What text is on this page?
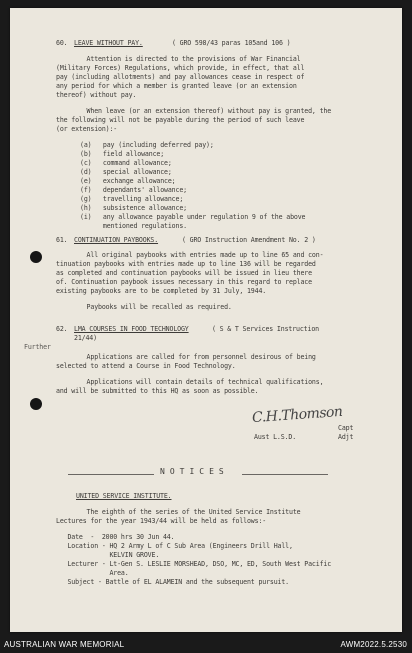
60. LEAVE WITHOUT PAY.	( GRO 598/43 paras 105and 106 )
Attention is directed to the provisions of War Financial
(Military Forces) Regulations, which provide, in effect, that all
pay (including allotments) and pay allowances cease in respect of
any period for which a member is granted leave (or an extension
thereof) without pay.
When leave (or an extension thereof) without pay is granted, the
the following will not be payable during the period of such leave
(or extension):-
(a)   pay (including deferred pay);
(b)   field allowance;
(c)   command allowance;
(d)   special allowance;
(e)   exchange allowance;
(f)   dependants' allowance;
(g)   travelling allowance;
(h)   subsistence allowance;
(i)   any allowance payable under regulation 9 of the above
mentioned regulations.
61. CONTINUATION PAYBOOKS.	( GRO Instruction Amendment No. 2 )
All original paybooks with entries made up to line 65 and con-
tinuation paybooks with entries made up to line 136 will be regarded
as completed and continuation paybooks will be issued in lieu there
of. Continuation paybook issues necessary in this regard to replace
existing paybooks are to be completed by 31 July, 1944.
Paybooks will be recalled as required.
62. LMA COURSES IN FOOD TECHNOLOGY	( S & T Services Instruction
21/44)
Further
Applications are called for from personnel desirous of being
selected to attend a Course in Food Technology.
Applications will contain details of technical qualifications,
and will be submitted to this HQ as soon as possible.
C.H.Thomson
Capt
Aust L.S.D.	Adjt
NOTICES
UNITED SERVICE INSTITUTE.
The eighth of the series of the United Service Institute
Lectures for the year 1943/44 will be held as follows:-
Date  -  2000 hrs 30 Jun 44.
Location - HQ 2 Army L of C Sub Area (Engineers Drill Hall,
KELVIN GROVE.
Lecturer - Lt-Gen S. LESLIE MORSHEAD, DSO, MC, ED, South West Pacific
Area.
Subject - Battle of EL ALAMEIN and the subsequent pursuit.
AUSTRALIAN WAR MEMORIAL	AWM2022.5.2530
